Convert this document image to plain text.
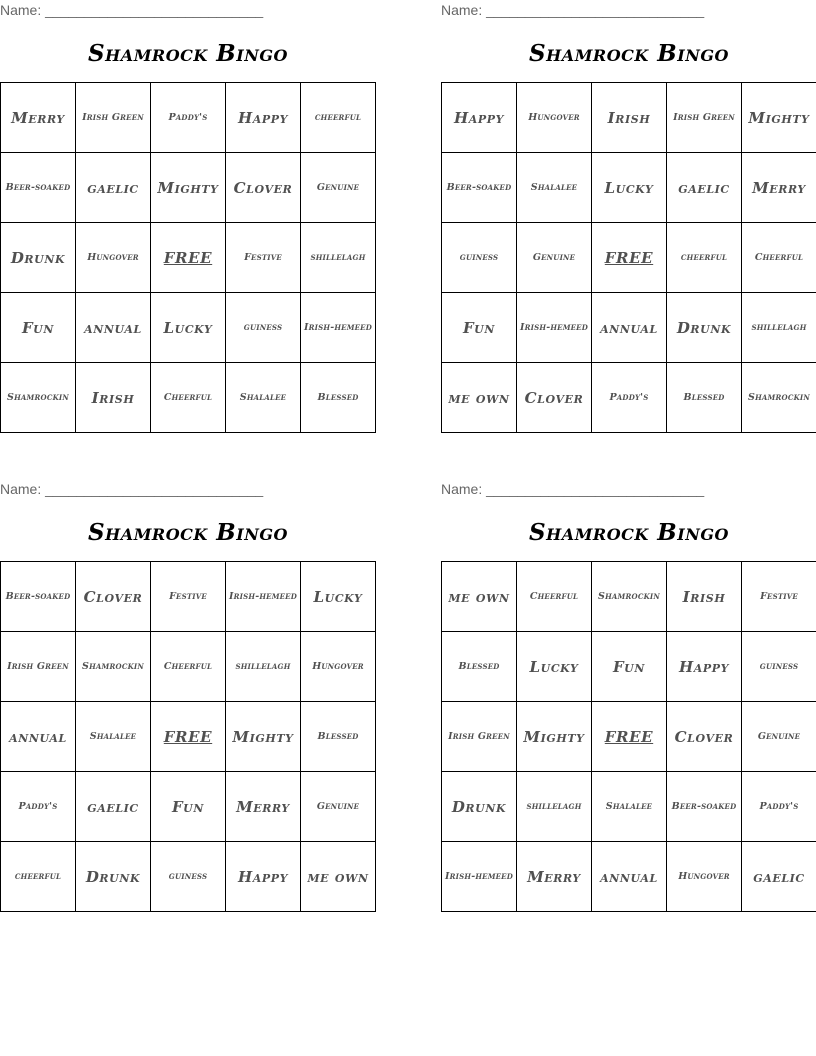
Name: ____________________________
Shamrock Bingo
Merry	Irish Green	Paddy's	Happy	cheerful
Beer-soaked	gaelic	Mighty	Clover	Genuine
Drunk	Hungover	FREE	Festive	shillelagh
Fun	annual	Lucky	guiness	Irish-hemeed
Shamrockin	Irish	Cheerful	Shalalee	Blessed
Name: ____________________________
Shamrock Bingo
Happy	Hungover	Irish	Irish Green	Mighty
Beer-soaked	Shalalee	Lucky	gaelic	Merry
guiness	Genuine	FREE	cheerful	Cheerful
Fun	Irish-hemeed	annual	Drunk	shillelagh
me own	Clover	Paddy's	Blessed	Shamrockin
Name: ____________________________
Shamrock Bingo
Beer-soaked	Clover	Festive	Irish-hemeed	Lucky
Irish Green	Shamrockin	Cheerful	shillelagh	Hungover
annual	Shalalee	FREE	Mighty	Blessed
Paddy's	gaelic	Fun	Merry	Genuine
cheerful	Drunk	guiness	Happy	me own
Name: ____________________________
Shamrock Bingo
me own	Cheerful	Shamrockin	Irish	Festive
Blessed	Lucky	Fun	Happy	guiness
Irish Green	Mighty	FREE	Clover	Genuine
Drunk	shillelagh	Shalalee	Beer-soaked	Paddy's
Irish-hemeed	Merry	annual	Hungover	gaelic
